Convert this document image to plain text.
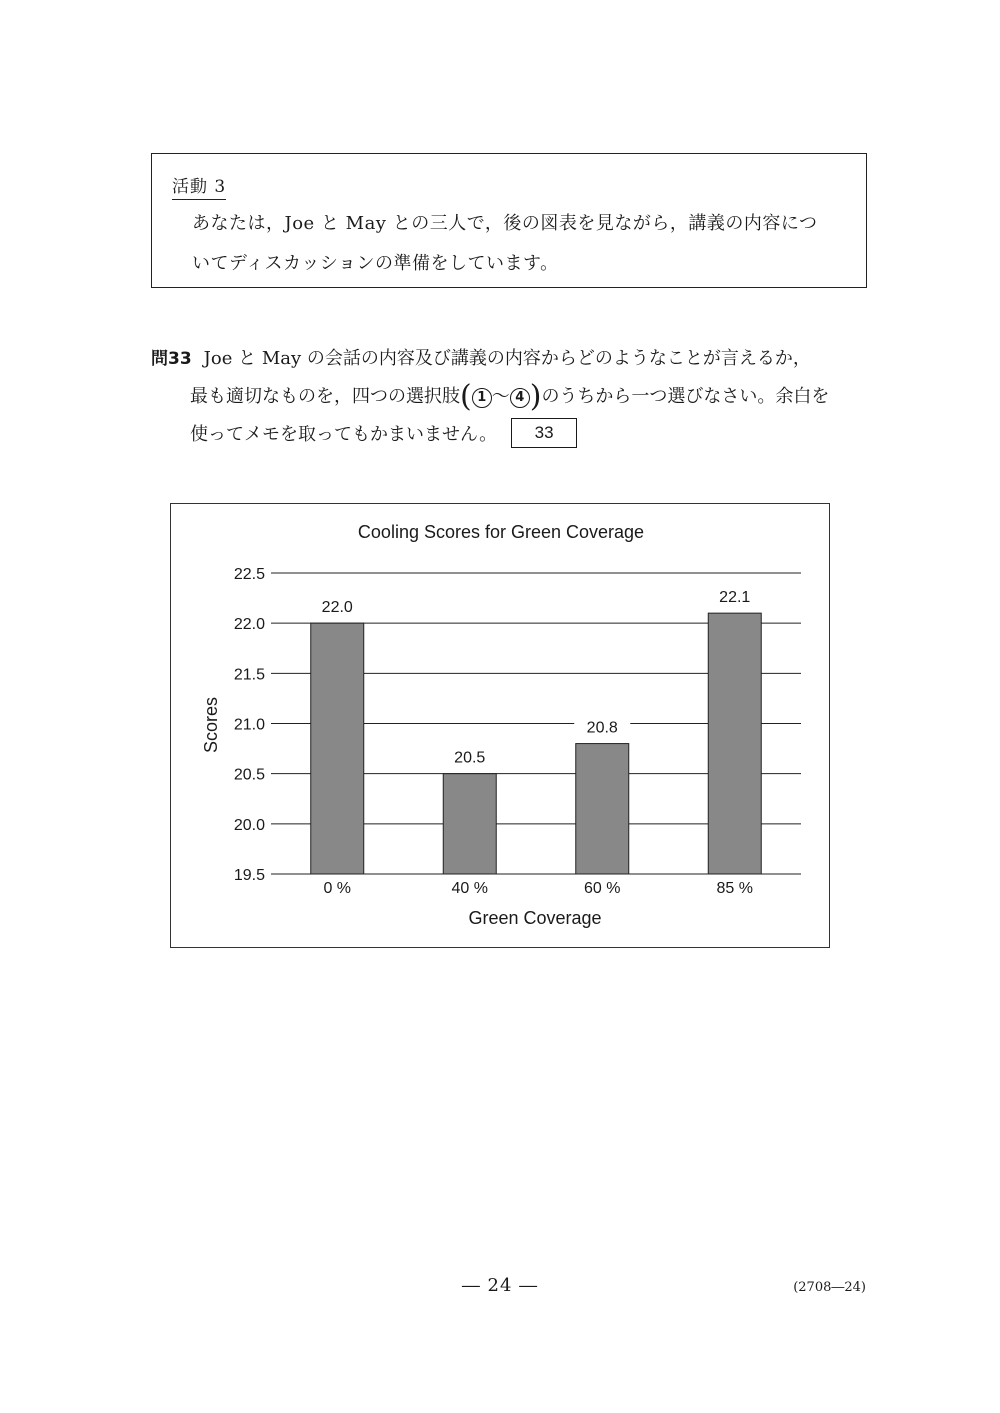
活動 3
あなたは，Joe と May との三人で，後の図表を見ながら，講義の内容につ
いてディスカッションの準備をしています。
問33 Joe と May の会話の内容及び講義の内容からどのようなことが言えるか，
最も適切なものを，四つの選択肢( 1 ～ 4 )のうちから一つ選びなさい。余白を
使ってメモを取ってもかまいません。 33
Cooling Scores for Green Coverage
19.5
20.0
20.5
21.0
21.5
22.0
22.5
22.0
0 %
20.5
40 %
20.8
60 %
22.1
85 %
Green Coverage
Scores
― 24 ―	(2708―24)
